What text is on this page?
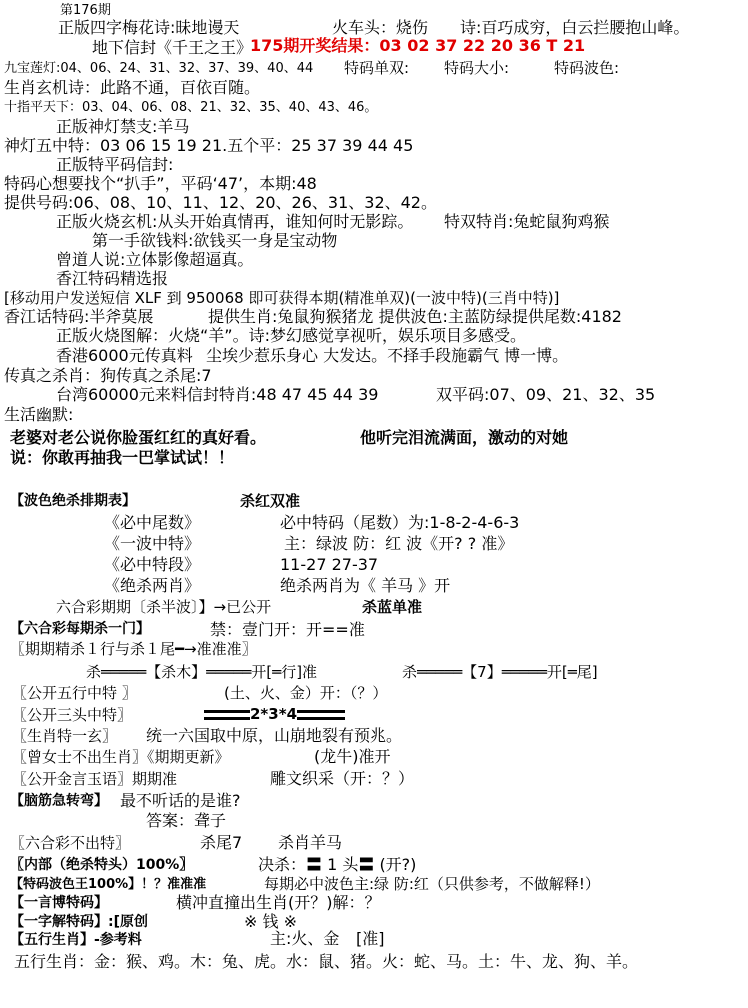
第176期
正版四字梅花诗:昧地谩天	火车头：烧伤 诗:百巧成穷，白云拦腰抱山峰。
地下信封《千王之王》
175期开奖结果：03 02 37 22 20 36 T 21
九宝莲灯:04、06、24、31、32、37、39、40、44 特码单双: 特码大小:	特码波色:
生肖玄机诗：此路不通，百依百随。
十指平天下：03、04、06、08、21、32、35、40、43、46。
正版神灯禁支:羊马
神灯五中特：03 06 15 19 21.五个平：25 37 39 44 45
正版特平码信封:
特码心想要找个“扒手”，平码‘47’，本期:48
提供号码:06、08、10、11、12、20、26、31、32、42。
正版火烧玄机:从头开始真情再，谁知何时无影踪。 特双特肖:兔蛇鼠狗鸡猴
第一手欲钱料:欲钱买一身是宝动物
曾道人说:立体影像超逼真。
香江特码精选报
[移动用户发送短信 XLF 到 950068 即可获得本期(精准单双)(一波中特)(三肖中特)]
香江话特码:半斧莫展	提供生肖:兔鼠狗猴猪龙 提供波色:主蓝防绿提供尾数:4182
正版火烧图解：火烧“羊”。诗:梦幻感觉享视听，娱乐项目多感受。
香港6000元传真料 尘埃少惹乐身心 大发达。不择手段施霸气 博一博。
传真之杀肖：狗传真之杀尾:7
台湾60000元来料信封特肖:48 47 45 44 39	双平码:07、09、21、32、35
生活幽默:
老婆对老公说你脸蛋红红的真好看。	他听完泪流满面，激动的对她
说：你敢再抽我一巴掌试试！！
【波色绝杀排期表】	杀红双准
《必中尾数》	必中特码（尾数）为:1-8-2-4-6-3
《一波中特》	主：绿波 防：红 波《开? ? 准》
《必中特段》	11-27 27-37
《绝杀两肖》	绝杀两肖为《 羊马 》开
六合彩期期〔杀半波〕】→已公开	杀蓝单准
【六合彩每期杀一门】	禁：壹门开：开==准
〖期期精杀１行与杀１尾━→准准准〗
杀═════【杀木】═════开[═行]准	杀═════【7】═════开[═尾]
〖公开五行中特 〗	(土、火、金）开：（？）
〖公开三头中特〗	2*3*4
〖生肖特一玄〗 统一六国取中原，山崩地裂有预兆。
〖曾女士不出生肖〗《期期更新》	(龙牛)准开
〖公开金言玉语〗期期准	雕文织采（开：？）
【脑筋急转弯】 最不听话的是谁?
答案：聋子
〖六合彩不出特〗	杀尾7 杀肖羊马
〖内部（绝杀特头）100%〗	决杀：〓 1 头〓 (开?)
【特码波色王100%】！？准准准	每期必中波色主:绿 防:红（只供参考，不做解释!）
【一言博特码】	横冲直撞出生肖(开？)解：？
【一字解特码】:[原创	※ 钱 ※
【五行生肖】-参考料	主:火、金 [准]
五行生肖：金：猴、鸡。木：兔、虎。水：鼠、猪。火：蛇、马。土：牛、龙、狗、羊。
